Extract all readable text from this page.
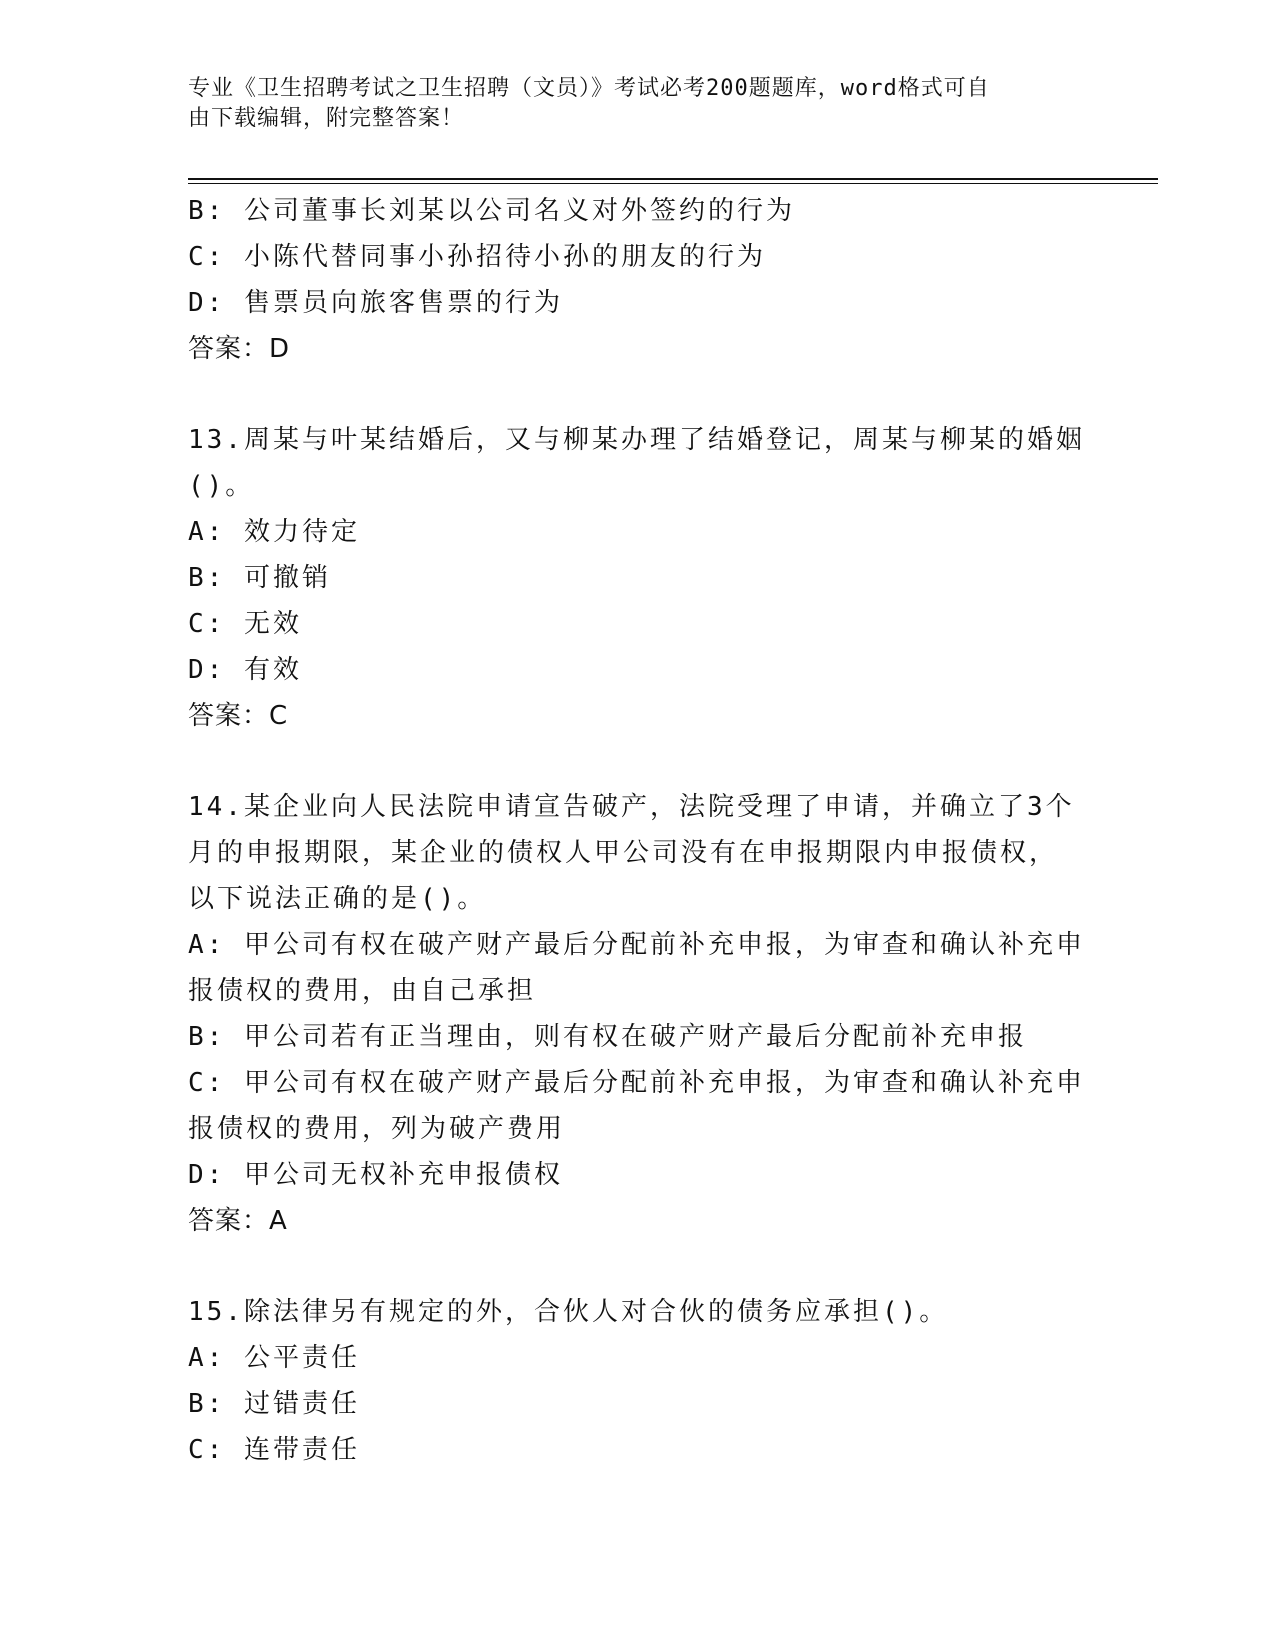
专业《卫生招聘考试之卫生招聘（文员）》考试必考200题题库，word格式可自
由下载编辑，附完整答案！
B: 公司董事长刘某以公司名义对外签约的行为
C: 小陈代替同事小孙招待小孙的朋友的行为
D: 售票员向旅客售票的行为
答案：D
13.周某与叶某结婚后，又与柳某办理了结婚登记，周某与柳某的婚姻
()。
A: 效力待定
B: 可撤销
C: 无效
D: 有效
答案：C
14.某企业向人民法院申请宣告破产，法院受理了申请，并确立了3个
月的申报期限，某企业的债权人甲公司没有在申报期限内申报债权，
以下说法正确的是()。
A: 甲公司有权在破产财产最后分配前补充申报，为审查和确认补充申
报债权的费用，由自己承担
B: 甲公司若有正当理由，则有权在破产财产最后分配前补充申报
C: 甲公司有权在破产财产最后分配前补充申报，为审查和确认补充申
报债权的费用，列为破产费用
D: 甲公司无权补充申报债权
答案：A
15.除法律另有规定的外，合伙人对合伙的债务应承担()。
A: 公平责任
B: 过错责任
C: 连带责任
